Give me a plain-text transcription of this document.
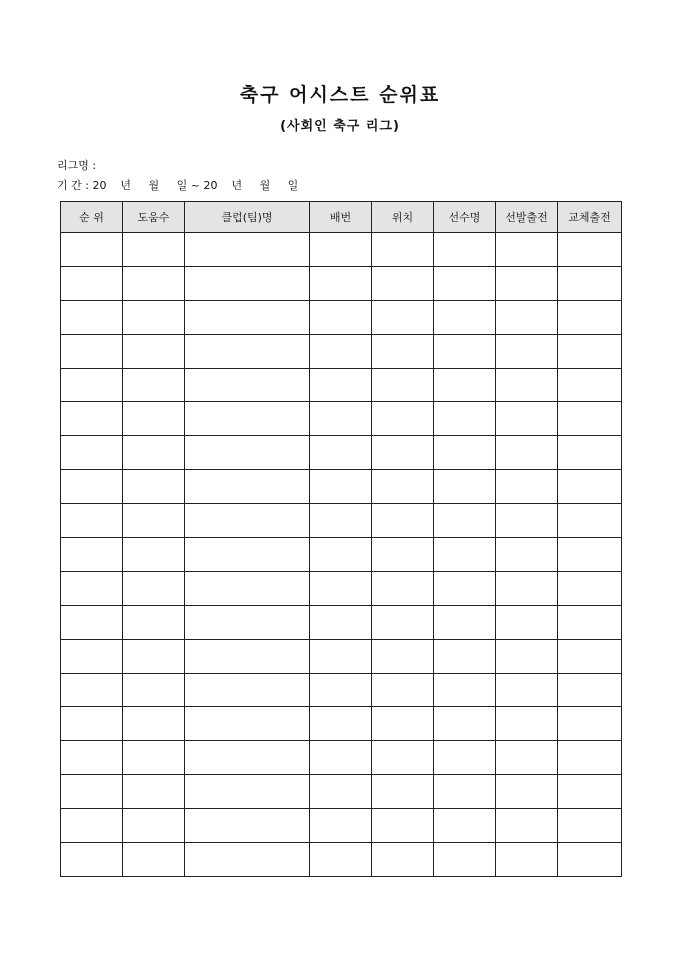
축구 어시스트 순위표
(사회인 축구 리그)
리그명 :
기 간 : 20    년     월     일 ~ 20    년     월     일
순 위	도움수	클럽(팀)명	배번	위치	선수명	선발출전	교체출전
